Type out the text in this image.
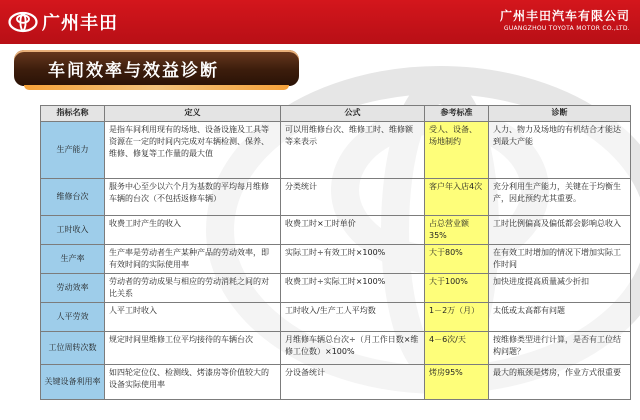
广州丰田	广州丰田汽车有限公司
GUANGZHOU TOYOTA MOTOR CO.,LTD.
车间效率与效益诊断
指标名称	定义	公式	参考标准	诊断
生产能力	是指车间利用现有的场地、设备设施及工具等资源在一定的时间内完成对车辆检测、保养、维修、修复等工作量的最大值	可以用维修台次、维修工时、维修额等来表示	受人、设备、场地制约	人力、物力及场地的有机结合才能达到最大产能
维修台次	服务中心至少以六个月为基数的平均每月维修车辆的台次（不包括返修车辆）	分类统计	客户年入店4次	充分利用生产能力，关键在于均衡生产，因此预约尤其重要。
工时收入	收费工时产生的收入	收费工时×工时单价	占总营业额35%	工时比例偏高及偏低都会影响总收入
生产率	生产率是劳动者生产某种产品的劳动效率，即有效时间的实际使用率	实际工时÷有效工时×100%	大于80%	在有效工时增加的情况下增加实际工作时间
劳动效率	劳动者的劳动成果与相应的劳动消耗之间的对比关系	收费工时÷实际工时×100%	大于100%	加快进度提高质量减少折扣
人平劳效	人平工时收入	工时收入/生产工人平均数	1－2万（月）	太低或太高都有问题
工位周转次数	规定时间里维修工位平均接待的车辆台次	月维修车辆总台次÷（月工作日数×维修工位数）×100%	4－6次/天	按维修类型进行计算，是否有工位结构问题？
关键设备利用率	如四轮定位仪、检测线、烤漆房等价值较大的设备实际使用率	分设备统计	烤房95%	最大的瓶颈是烤房，作业方式很重要
